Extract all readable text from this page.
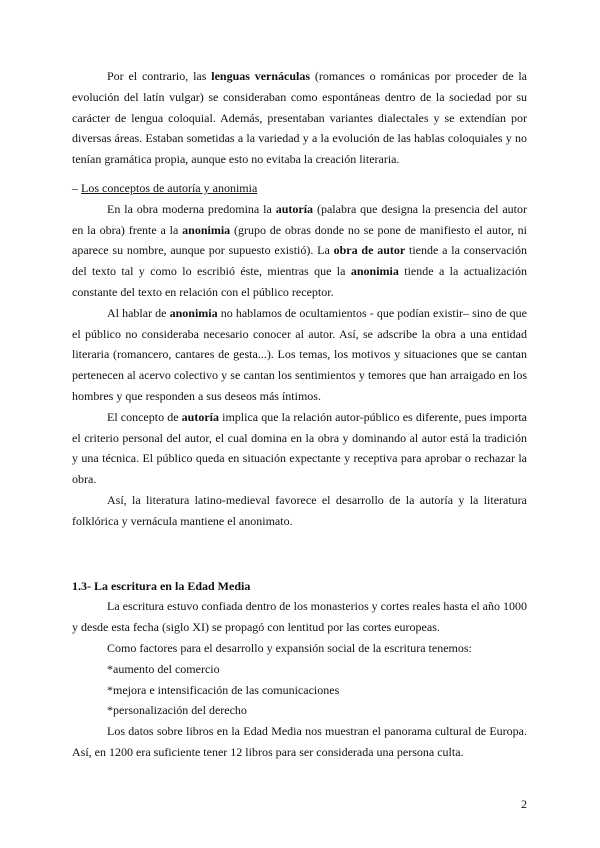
Por el contrario, las lenguas vernáculas (romances o románicas por proceder de la evolución del latín vulgar) se consideraban como espontáneas dentro de la sociedad por su carácter de lengua coloquial. Además, presentaban variantes dialectales y se extendían por diversas áreas. Estaban sometidas a la variedad y a la evolución de las hablas coloquiales y no tenían gramática propia, aunque esto no evitaba la creación literaria.

– Los conceptos de autoría y anonimia

En la obra moderna predomina la autoría (palabra que designa la presencia del autor en la obra) frente a la anonimia (grupo de obras donde no se pone de manifiesto el autor, ni aparece su nombre, aunque por supuesto existió). La obra de autor tiende a la conservación del texto tal y como lo escribió éste, mientras que la anonimia tiende a la actualización constante del texto en relación con el público receptor.

Al hablar de anonimia no hablamos de ocultamientos - que podían existir– sino de que el público no consideraba necesario conocer al autor. Así, se adscribe la obra a una entidad literaria (romancero, cantares de gesta...). Los temas, los motivos y situaciones que se cantan pertenecen al acervo colectivo y se cantan los sentimientos y temores que han arraigado en los hombres y que responden a sus deseos más íntimos.

El concepto de autoría implica que la relación autor-público es diferente, pues importa el criterio personal del autor, el cual domina en la obra y dominando al autor está la tradición y una técnica. El público queda en situación expectante y receptiva para aprobar o rechazar la obra.

Así, la literatura latino-medieval favorece el desarrollo de la autoría y la literatura folklórica y vernácula mantiene el anonimato.

1.3- La escritura en la Edad Media

La escritura estuvo confiada dentro de los monasterios y cortes reales hasta el año 1000 y desde esta fecha (siglo XI) se propagó con lentitud por las cortes europeas.

Como factores para el desarrollo y expansión social de la escritura tenemos:

*aumento del comercio

*mejora e intensificación de las comunicaciones

*personalización del derecho

Los datos sobre libros en la Edad Media nos muestran el panorama cultural de Europa. Así, en 1200 era suficiente tener 12 libros para ser considerada una persona culta.

2
